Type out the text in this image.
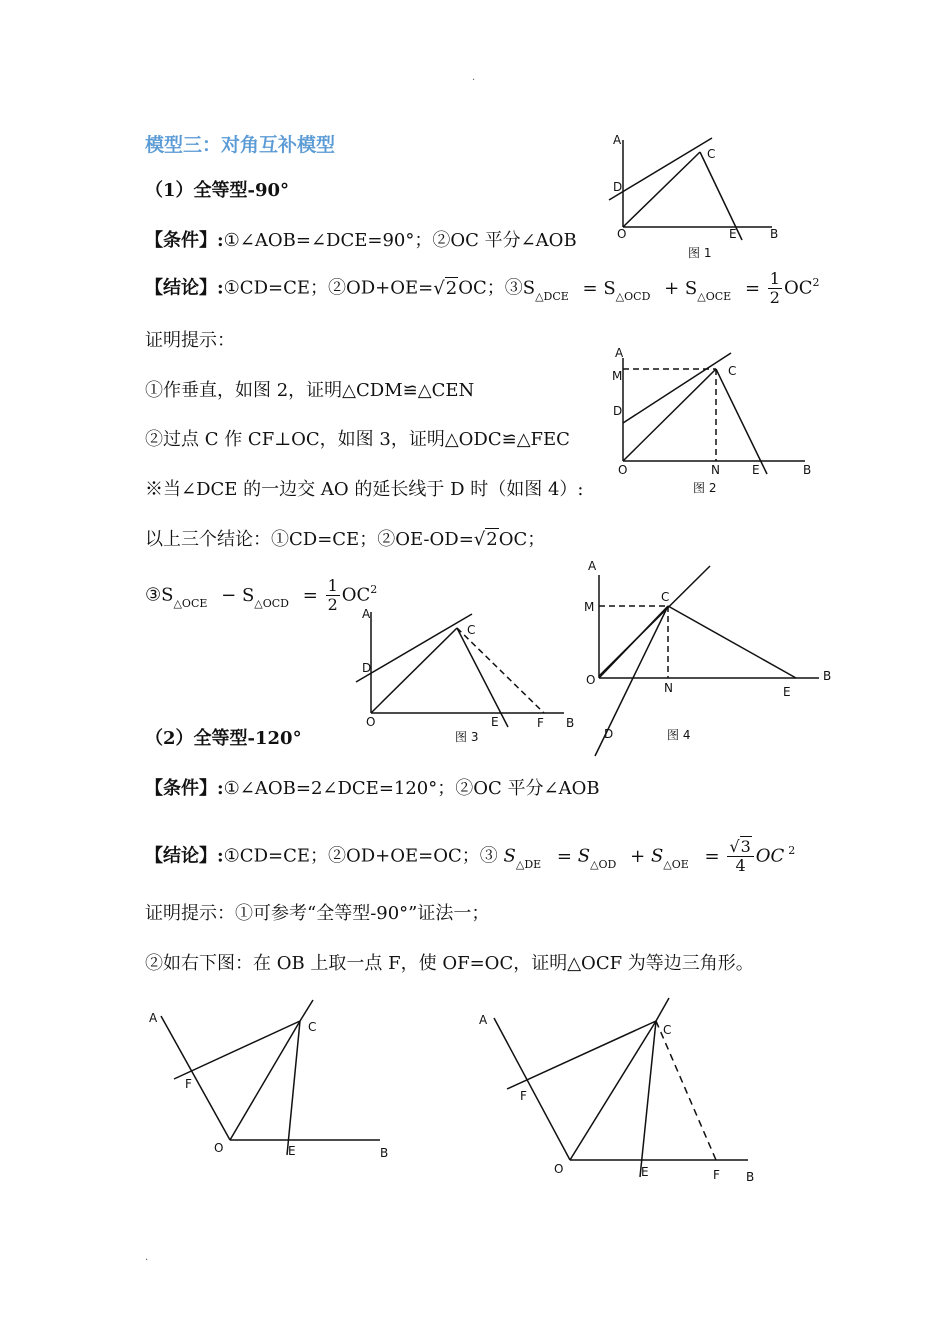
.
模型三：对角互补模型
（1）全等型-90°
【条件】:①∠AOB=∠DCE=90°；②OC 平分∠AOB
【结论】:①CD=CE；②OD+OE=√2OC；$③S_{\triangle DCE} = S_{\triangle OCD} + S_{\triangle OCE} = \frac{1}{2} OC^2$
证明提示：
①作垂直，如图 2，证明△CDM≌△CEN
②过点 C 作 CF⊥OC，如图 3，证明△ODC≌△FEC
※当∠DCE 的一边交 AO 的延长线于 D 时（如图 4）:
以上三个结论：①CD=CE；②OE-OD=√2OC；
$③S_{\triangle OCE} - S_{\triangle OCD} = \frac{1}{2} OC^2$
（2）全等型-120°
【条件】:①∠AOB=2∠DCE=120°；②OC 平分∠AOB
【结论】:①CD=CE；②OD+OE=OC；③ $S_{\triangle DE} = S_{\triangle OD} + S_{\triangle OE} = \frac{√3}{4}$ OC $^2$
证明提示：①可参考“全等型-90°”证法一；
②如右下图：在 OB 上取一点 F，使 OF=OC，证明△OCF 为等边三角形。
A
C
D
O	E	B
图 1
A
M	C
D
O	N	E	B
图 2
A
C
D
O	E	F B
图 3
A
M
C
O
N	E
B
D	图 4
A
C
F
O	E	B
A
C
F
O	E	F B
.
